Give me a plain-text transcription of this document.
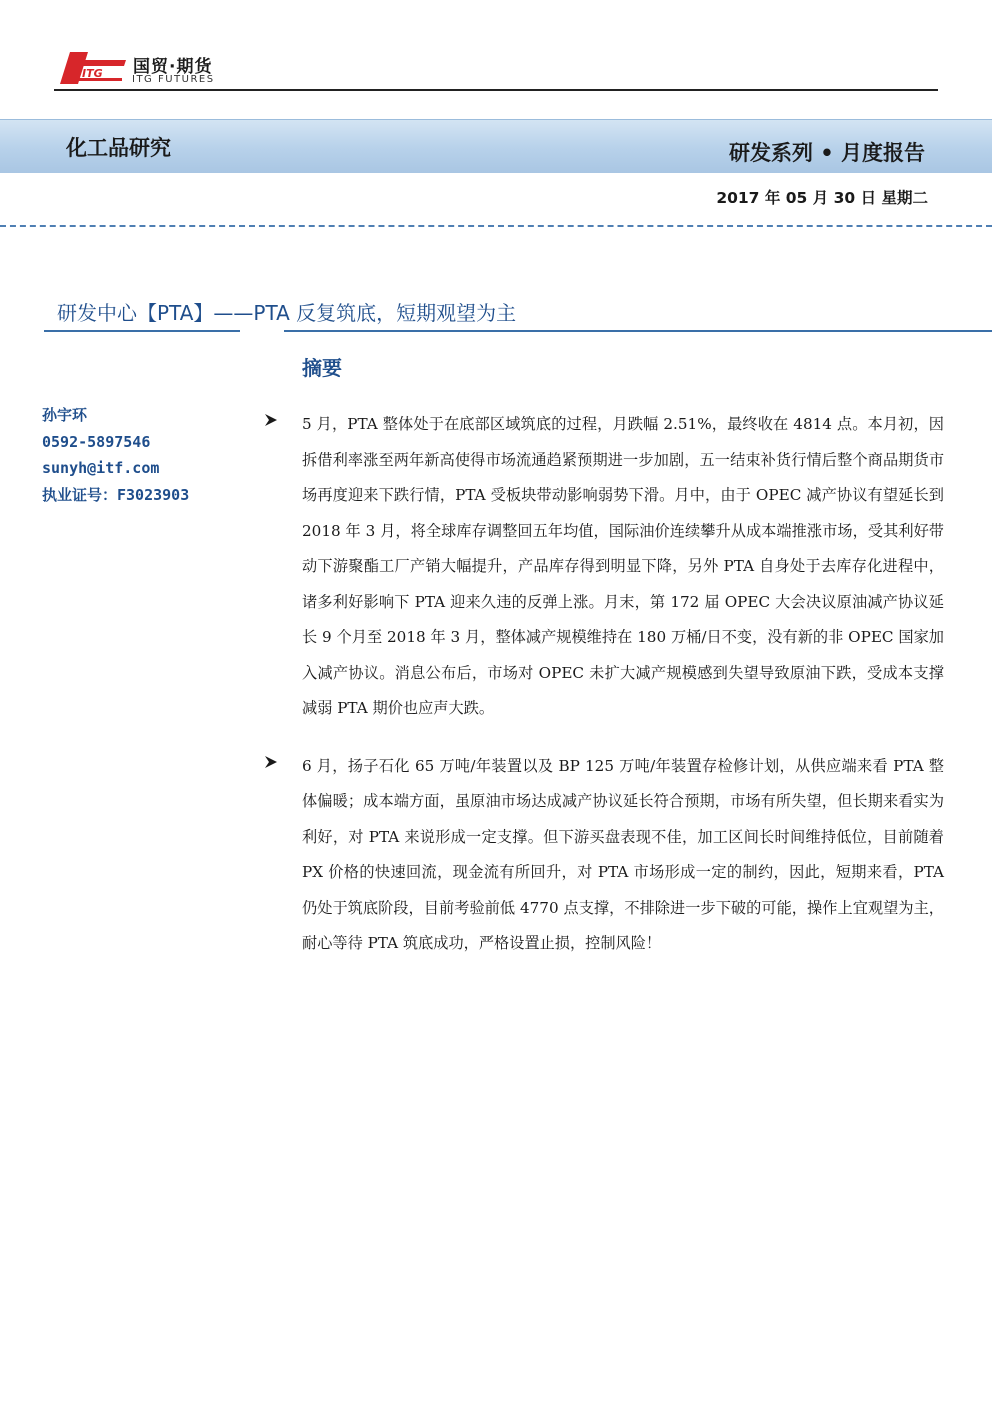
ITG 国贸·期货
ITG FUTURES
化工品研究	研发系列 • 月度报告
2017 年 05 月 30 日 星期二
研发中心【PTA】——PTA 反复筑底，短期观望为主
摘要
孙宇环
0592-5897546
sunyh@itf.com
执业证号：F3023903

5 月，PTA 整体处于在底部区域筑底的过程，月跌幅 2.51%，最终收在 4814 点。本月初，因拆借利率涨至两年新高使得市场流通趋紧预期进一步加剧，五一结束补货行情后整个商品期货市场再度迎来下跌行情，PTA 受板块带动影响弱势下滑。月中，由于 OPEC 减产协议有望延长到 2018 年 3 月，将全球库存调整回五年均值，国际油价连续攀升从成本端推涨市场，受其利好带动下游聚酯工厂产销大幅提升，产品库存得到明显下降，另外 PTA 自身处于去库存化进程中，诸多利好影响下 PTA 迎来久违的反弹上涨。月末，第 172 届 OPEC 大会决议原油减产协议延长 9 个月至 2018 年 3 月，整体减产规模维持在 180 万桶/日不变，没有新的非 OPEC 国家加入减产协议。消息公布后，市场对 OPEC 未扩大减产规模感到失望导致原油下跌，受成本支撑减弱 PTA 期价也应声大跌。

6 月，扬子石化 65 万吨/年装置以及 BP 125 万吨/年装置存检修计划，从供应端来看 PTA 整体偏暖；成本端方面，虽原油市场达成减产协议延长符合预期，市场有所失望，但长期来看实为利好，对 PTA 来说形成一定支撑。但下游买盘表现不佳，加工区间长时间维持低位，目前随着 PX 价格的快速回流，现金流有所回升，对 PTA 市场形成一定的制约，因此，短期来看，PTA 仍处于筑底阶段，目前考验前低 4770 点支撑，不排除进一步下破的可能，操作上宜观望为主，耐心等待 PTA 筑底成功，严格设置止损，控制风险！
